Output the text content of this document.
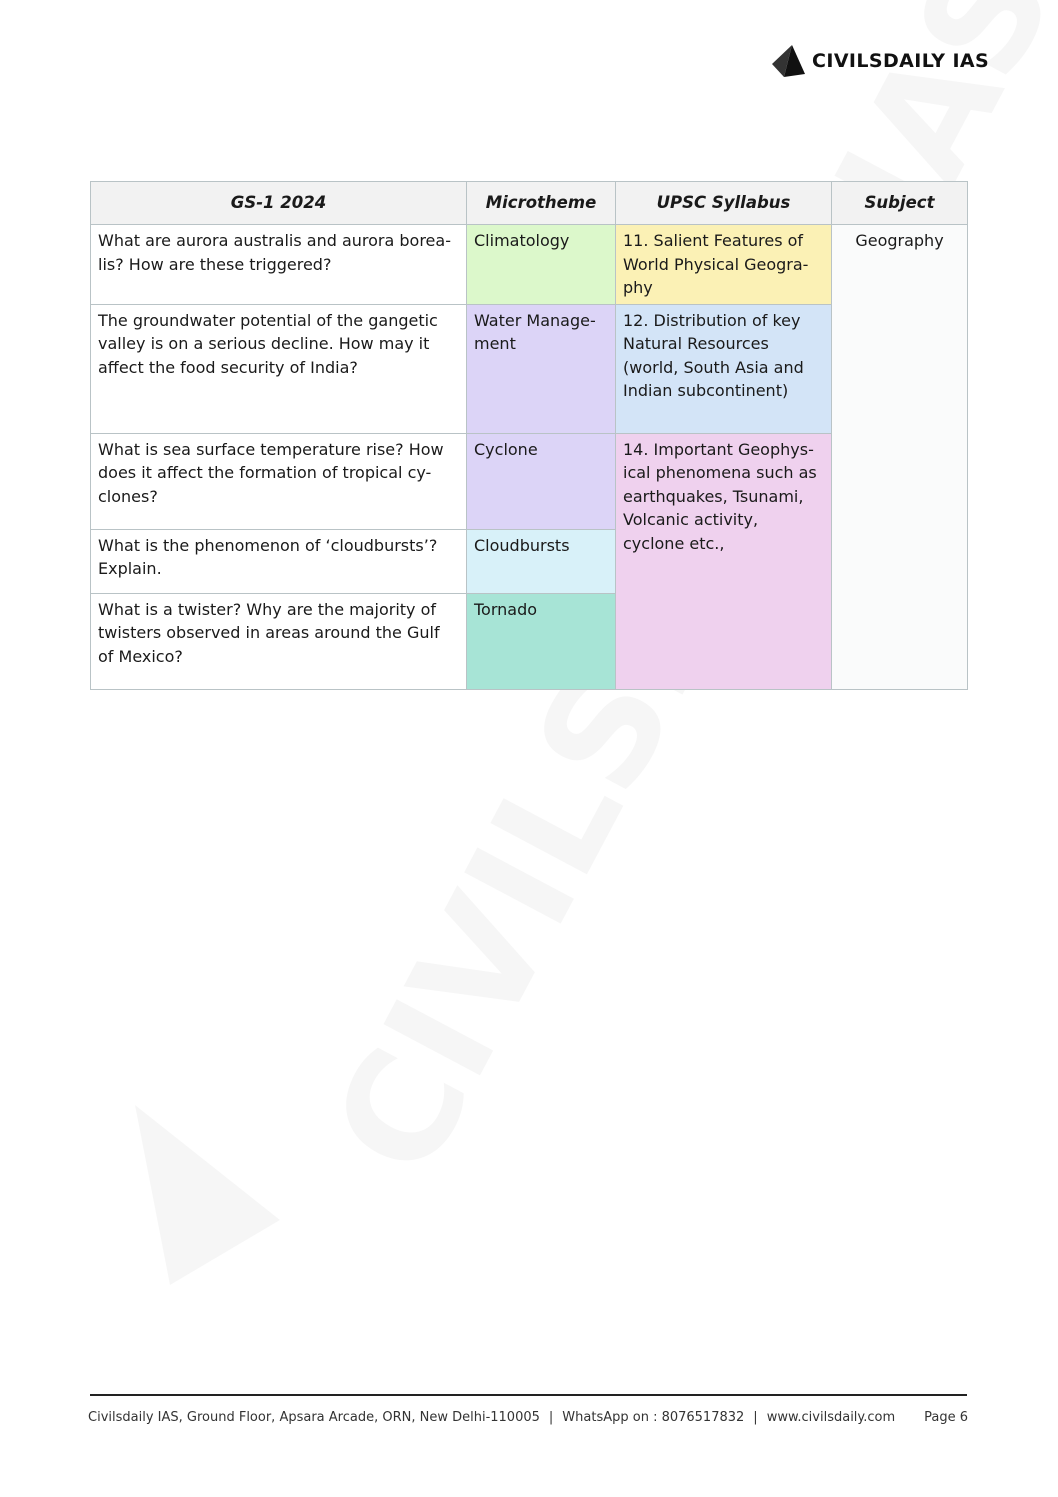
CIVILSDAILY IAS
GS-1 2024	Microtheme	UPSC Syllabus	Subject
What are aurora australis and aurora borea-lis? How are these triggered?	Climatology	11. Salient Features of World Physical Geogra-phy	Geography
The groundwater potential of the gangetic valley is on a serious decline. How may it affect the food security of India?	Water Manage-ment	12. Distribution of key Natural Resources (world, South Asia and Indian subcontinent)	
What is sea surface temperature rise? How does it affect the formation of tropical cy-clones?	Cyclone	14. Important Geophys-ical phenomena such as earthquakes, Tsunami, Volcanic activity, cyclone etc.,	
What is the phenomenon of ‘cloudbursts’? Explain.	Cloudbursts		
What is a twister? Why are the majority of twisters observed in areas around the Gulf of Mexico?	Tornado		
Civilsdaily IAS, Ground Floor, Apsara Arcade, ORN, New Delhi-110005 | WhatsApp on : 8076517832 | www.civilsdaily.com Page 6
